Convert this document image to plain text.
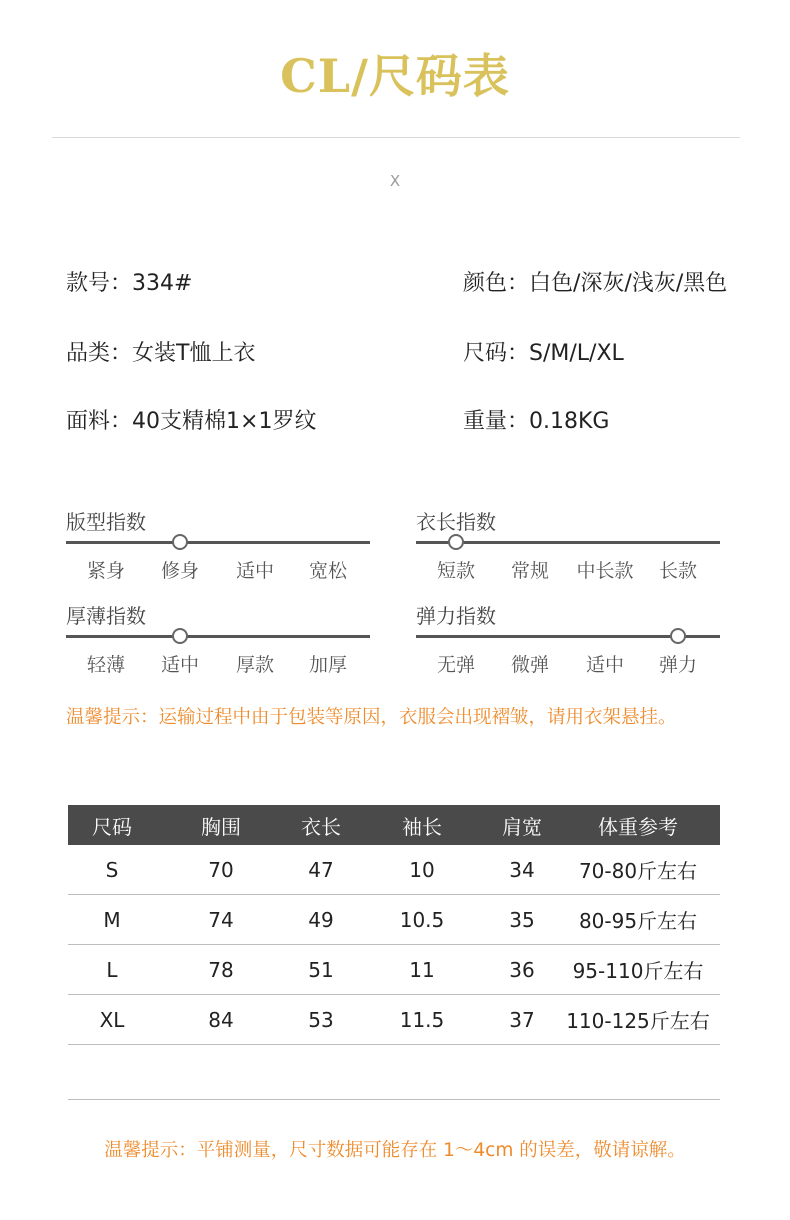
CL/尺码表
X
款号：334#	颜色：白色/深灰/浅灰/黑色
品类：女装T恤上衣	尺码：S/M/L/XL
面料：40支精棉1×1罗纹	重量：0.18KG
版型指数
紧身 修身 适中 宽松
衣长指数
短款 常规 中长款 长款
厚薄指数
轻薄 适中 厚款 加厚
弹力指数
无弹 微弹 适中 弹力
温馨提示：运输过程中由于包装等原因，衣服会出现褶皱，请用衣架悬挂。
尺码	胸围	衣长	袖长	肩宽	体重参考
S	70	47	10	34	70-80斤左右
M	74	49	10.5	35	80-95斤左右
L	78	51	11	36	95-110斤左右
XL	84	53	11.5	37	110-125斤左右
温馨提示：平铺测量，尺寸数据可能存在 1～4cm 的误差，敬请谅解。
